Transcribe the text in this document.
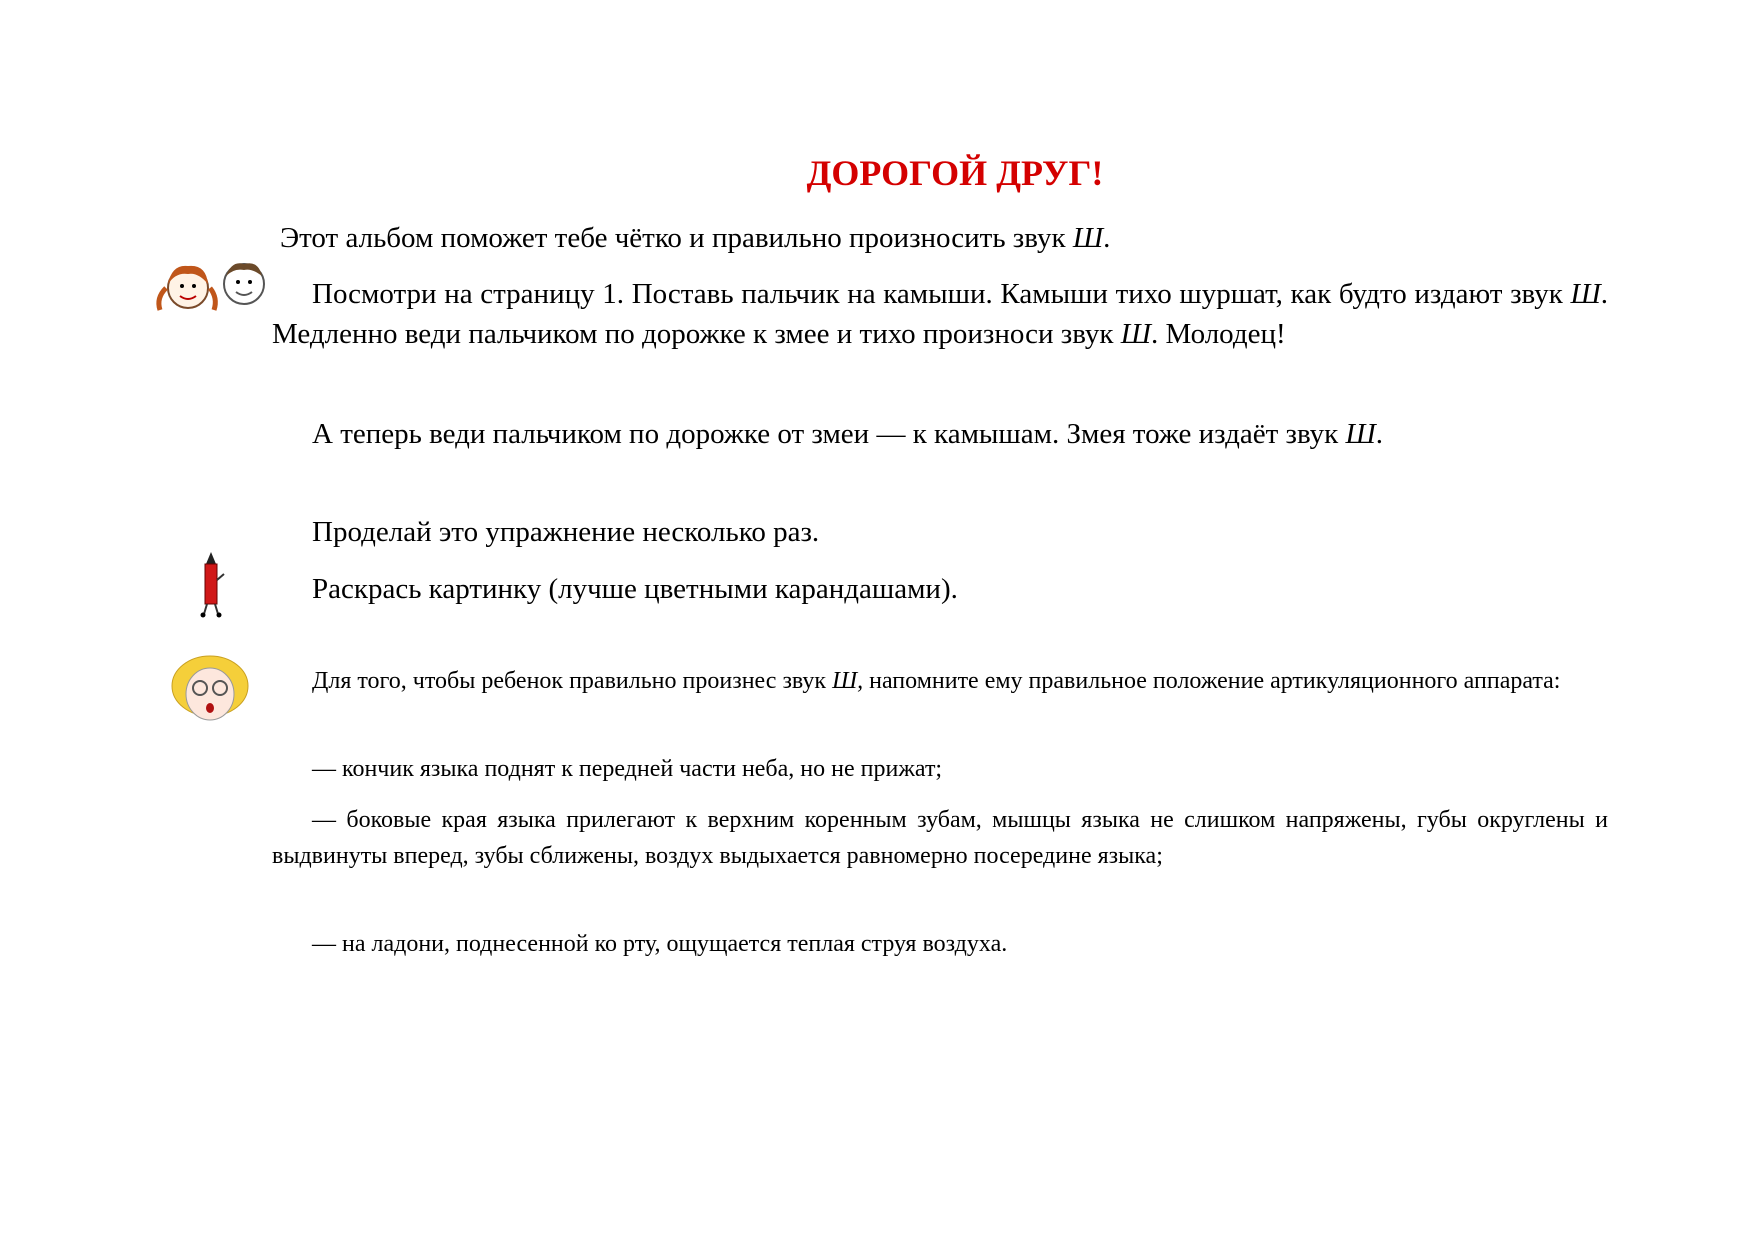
ДОРОГОЙ ДРУГ!

Этот альбом поможет тебе чётко и правильно произносить звук Ш.

Посмотри на страницу 1. Поставь пальчик на камыши. Камыши тихо шуршат, как будто издают звук Ш. Медленно веди пальчиком по дорожке к змее и тихо произноси звук Ш. Молодец!

А теперь веди пальчиком по дорожке от змеи — к камышам. Змея тоже издаёт звук Ш.

Проделай это упражнение несколько раз.

Раскрась картинку (лучше цветными карандашами).

Для того, чтобы ребенок правильно произнес звук Ш, напомните ему правильное положение артикуляционного аппарата:

— кончик языка поднят к передней части неба, но не прижат;

— боковые края языка прилегают к верхним коренным зубам, мышцы языка не слишком напряжены, губы округлены и выдвинуты вперед, зубы сближены, воздух выдыхается равномерно посередине языка;

— на ладони, поднесенной ко рту, ощущается теплая струя воздуха.
